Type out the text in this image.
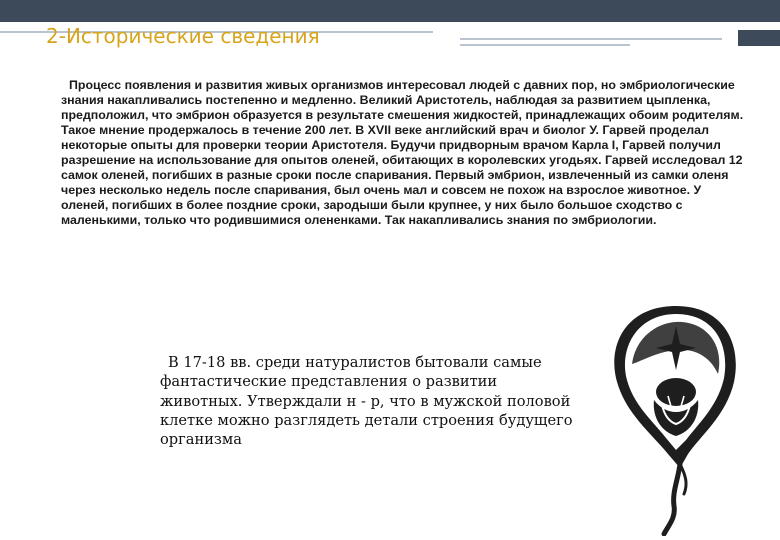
2-Исторические сведения

Процесс появления и развития живых организмов интересовал людей с давних пор, но эмбриологические знания накапливались постепенно и медленно. Великий Аристотель, наблюдая за развитием цыпленка, предположил, что эмбрион образуется в результате смешения жидкостей, принадлежащих обоим родителям. Такое мнение продержалось в течение 200 лет. В XVII веке английский врач и биолог У. Гарвей проделал некоторые опыты для проверки теории Аристотеля. Будучи придворным врачом Карла I, Гарвей получил разрешение на использование для опытов оленей, обитающих в королевских угодьях. Гарвей исследовал 12 самок оленей, погибших в разные сроки после спаривания. Первый эмбрион, извлеченный из самки оленя через несколько недель после спаривания, был очень мал и совсем не похож на взрослое животное. У оленей, погибших в более поздние сроки, зародыши были крупнее, у них было большое сходство с маленькими, только что родившимися олененками. Так накапливались знания по эмбриологии.

В 17-18 вв. среди натуралистов бытовали самые фантастические представления о развитии животных. Утверждали н - р, что в мужской половой клетке можно разглядеть детали строения будущего организма
